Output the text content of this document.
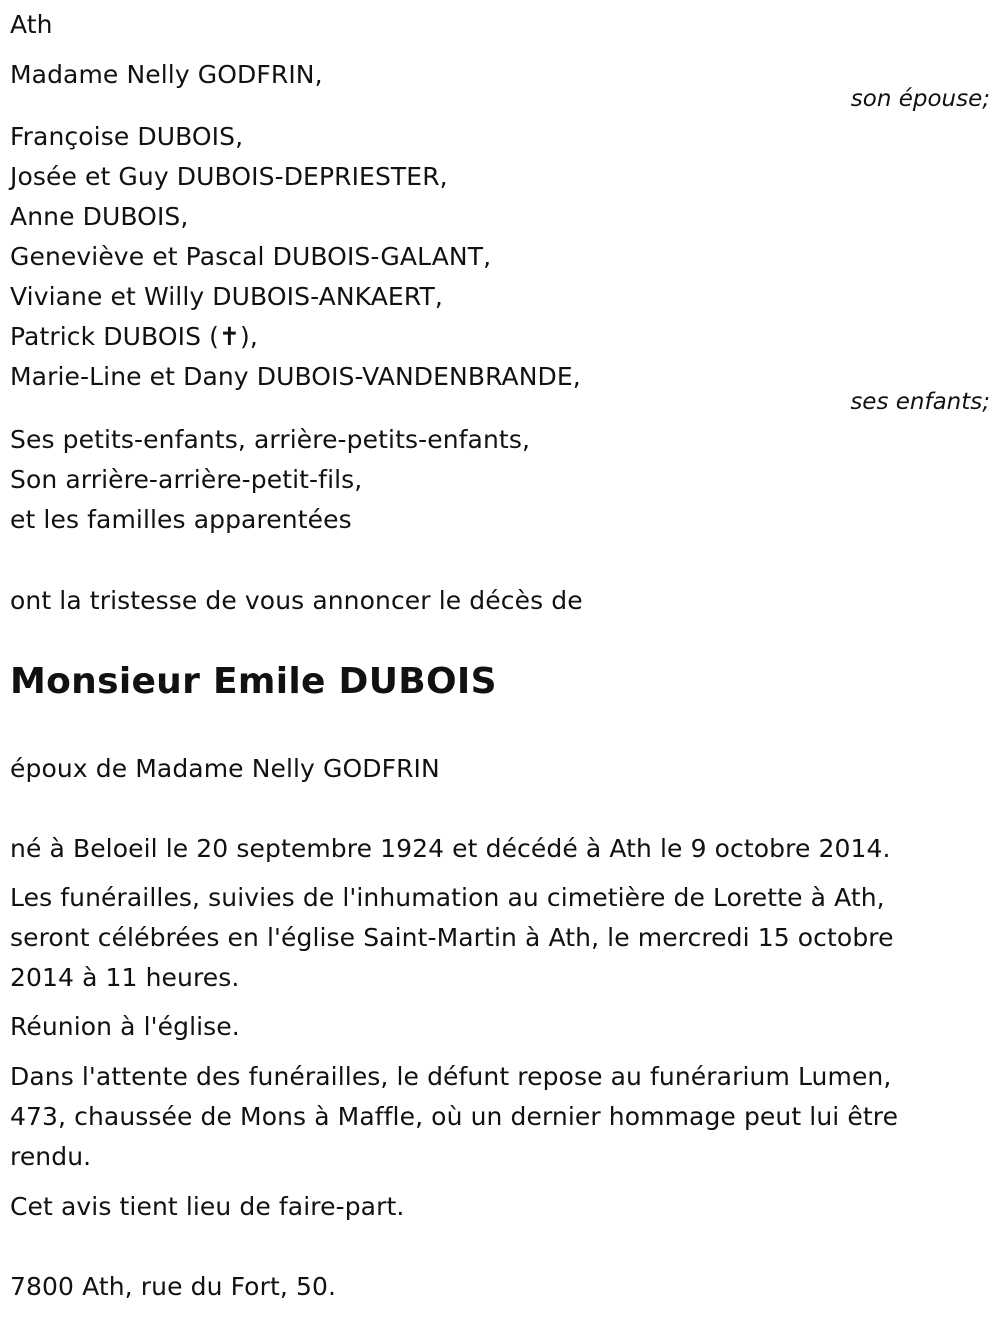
Ath
Madame Nelly GODFRIN,
son épouse;
Françoise DUBOIS,
Josée et Guy DUBOIS-DEPRIESTER,
Anne DUBOIS,
Geneviève et Pascal DUBOIS-GALANT,
Viviane et Willy DUBOIS-ANKAERT,
Patrick DUBOIS (✝),
Marie-Line et Dany DUBOIS-VANDENBRANDE,
ses enfants;
Ses petits-enfants, arrière-petits-enfants,
Son arrière-arrière-petit-fils,
et les familles apparentées
ont la tristesse de vous annoncer le décès de
Monsieur Emile DUBOIS
époux de Madame Nelly GODFRIN
né à Beloeil le 20 septembre 1924 et décédé à Ath le 9 octobre 2014.
Les funérailles, suivies de l'inhumation au cimetière de Lorette à Ath,
seront célébrées en l'église Saint-Martin à Ath, le mercredi 15 octobre
2014 à 11 heures.
Réunion à l'église.
Dans l'attente des funérailles, le défunt repose au funérarium Lumen,
473, chaussée de Mons à Maffle, où un dernier hommage peut lui être
rendu.
Cet avis tient lieu de faire-part.
7800 Ath, rue du Fort, 50.
